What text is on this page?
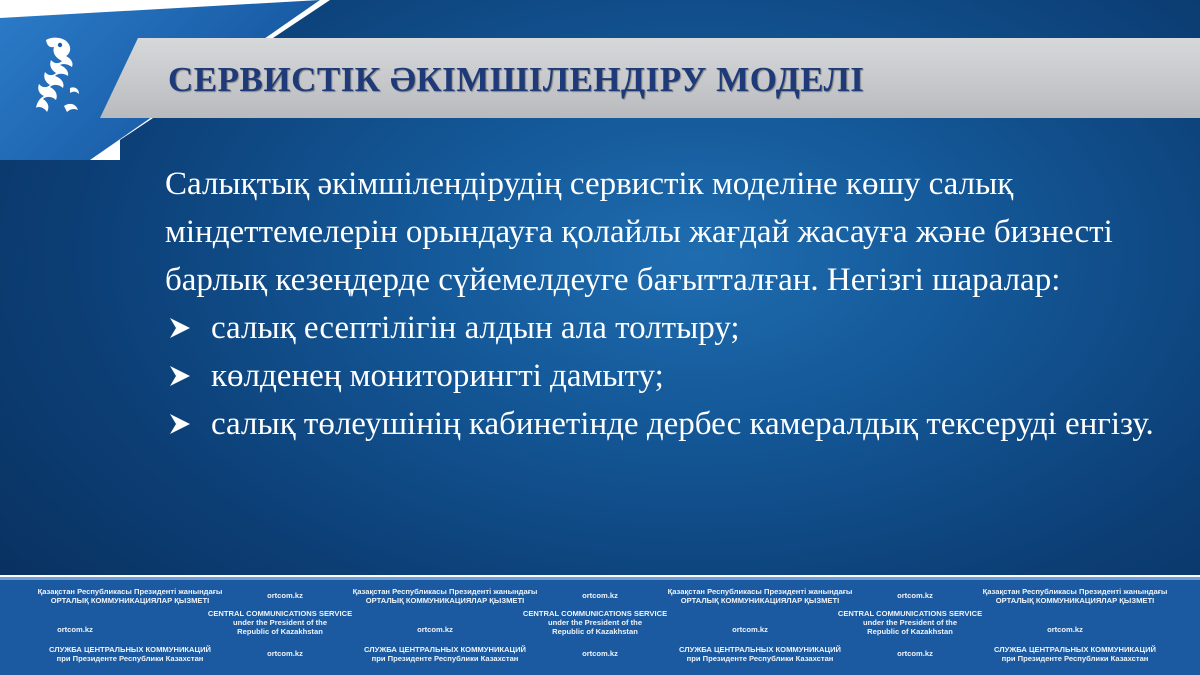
СЕРВИСТІК ӘКІМШІЛЕНДІРУ МОДЕЛІ

Салықтық әкімшілендірудің сервистік моделіне көшу салық міндеттемелерін орындауға қолайлы жағдай жасауға және бизнесті барлық кезеңдерде сүйемелдеуге бағытталған. Негізгі шаралар:

салық есептілігін алдын ала толтыру;
көлденең мониторингті дамыту;
салық төлеушінің кабинетінде дербес камералдық тексеруді енгізу.
Қазақстан Республикасы Президенті жанындағы
ОРТАЛЫҚ КОММУНИКАЦИЯЛАР ҚЫЗМЕТІ
ortcom.kz	Қазақстан Республикасы Президенті жанындағы
ОРТАЛЫҚ КОММУНИКАЦИЯЛАР ҚЫЗМЕТІ
ortcom.kz	Қазақстан Республикасы Президенті жанындағы
ОРТАЛЫҚ КОММУНИКАЦИЯЛАР ҚЫЗМЕТІ
ortcom.kz	Қазақстан Республикасы Президенті жанындағы
ОРТАЛЫҚ КОММУНИКАЦИЯЛАР ҚЫЗМЕТІ
ortcom.kz
CENTRAL COMMUNICATIONS SERVICE
under the President of the
Republic of Kazakhstan	ortcom.kz
CENTRAL COMMUNICATIONS SERVICE
under the President of the
Republic of Kazakhstan	ortcom.kz
CENTRAL COMMUNICATIONS SERVICE
under the President of the
Republic of Kazakhstan	ortcom.kz
СЛУЖБА ЦЕНТРАЛЬНЫХ КОММУНИКАЦИЙ
при Президенте Республики Казахстан
ortcom.kz	СЛУЖБА ЦЕНТРАЛЬНЫХ КОММУНИКАЦИЙ
при Президенте Республики Казахстан
ortcom.kz	СЛУЖБА ЦЕНТРАЛЬНЫХ КОММУНИКАЦИЙ
при Президенте Республики Казахстан
ortcom.kz	СЛУЖБА ЦЕНТРАЛЬНЫХ КОММУНИКАЦИЙ
при Президенте Республики Казахстан
